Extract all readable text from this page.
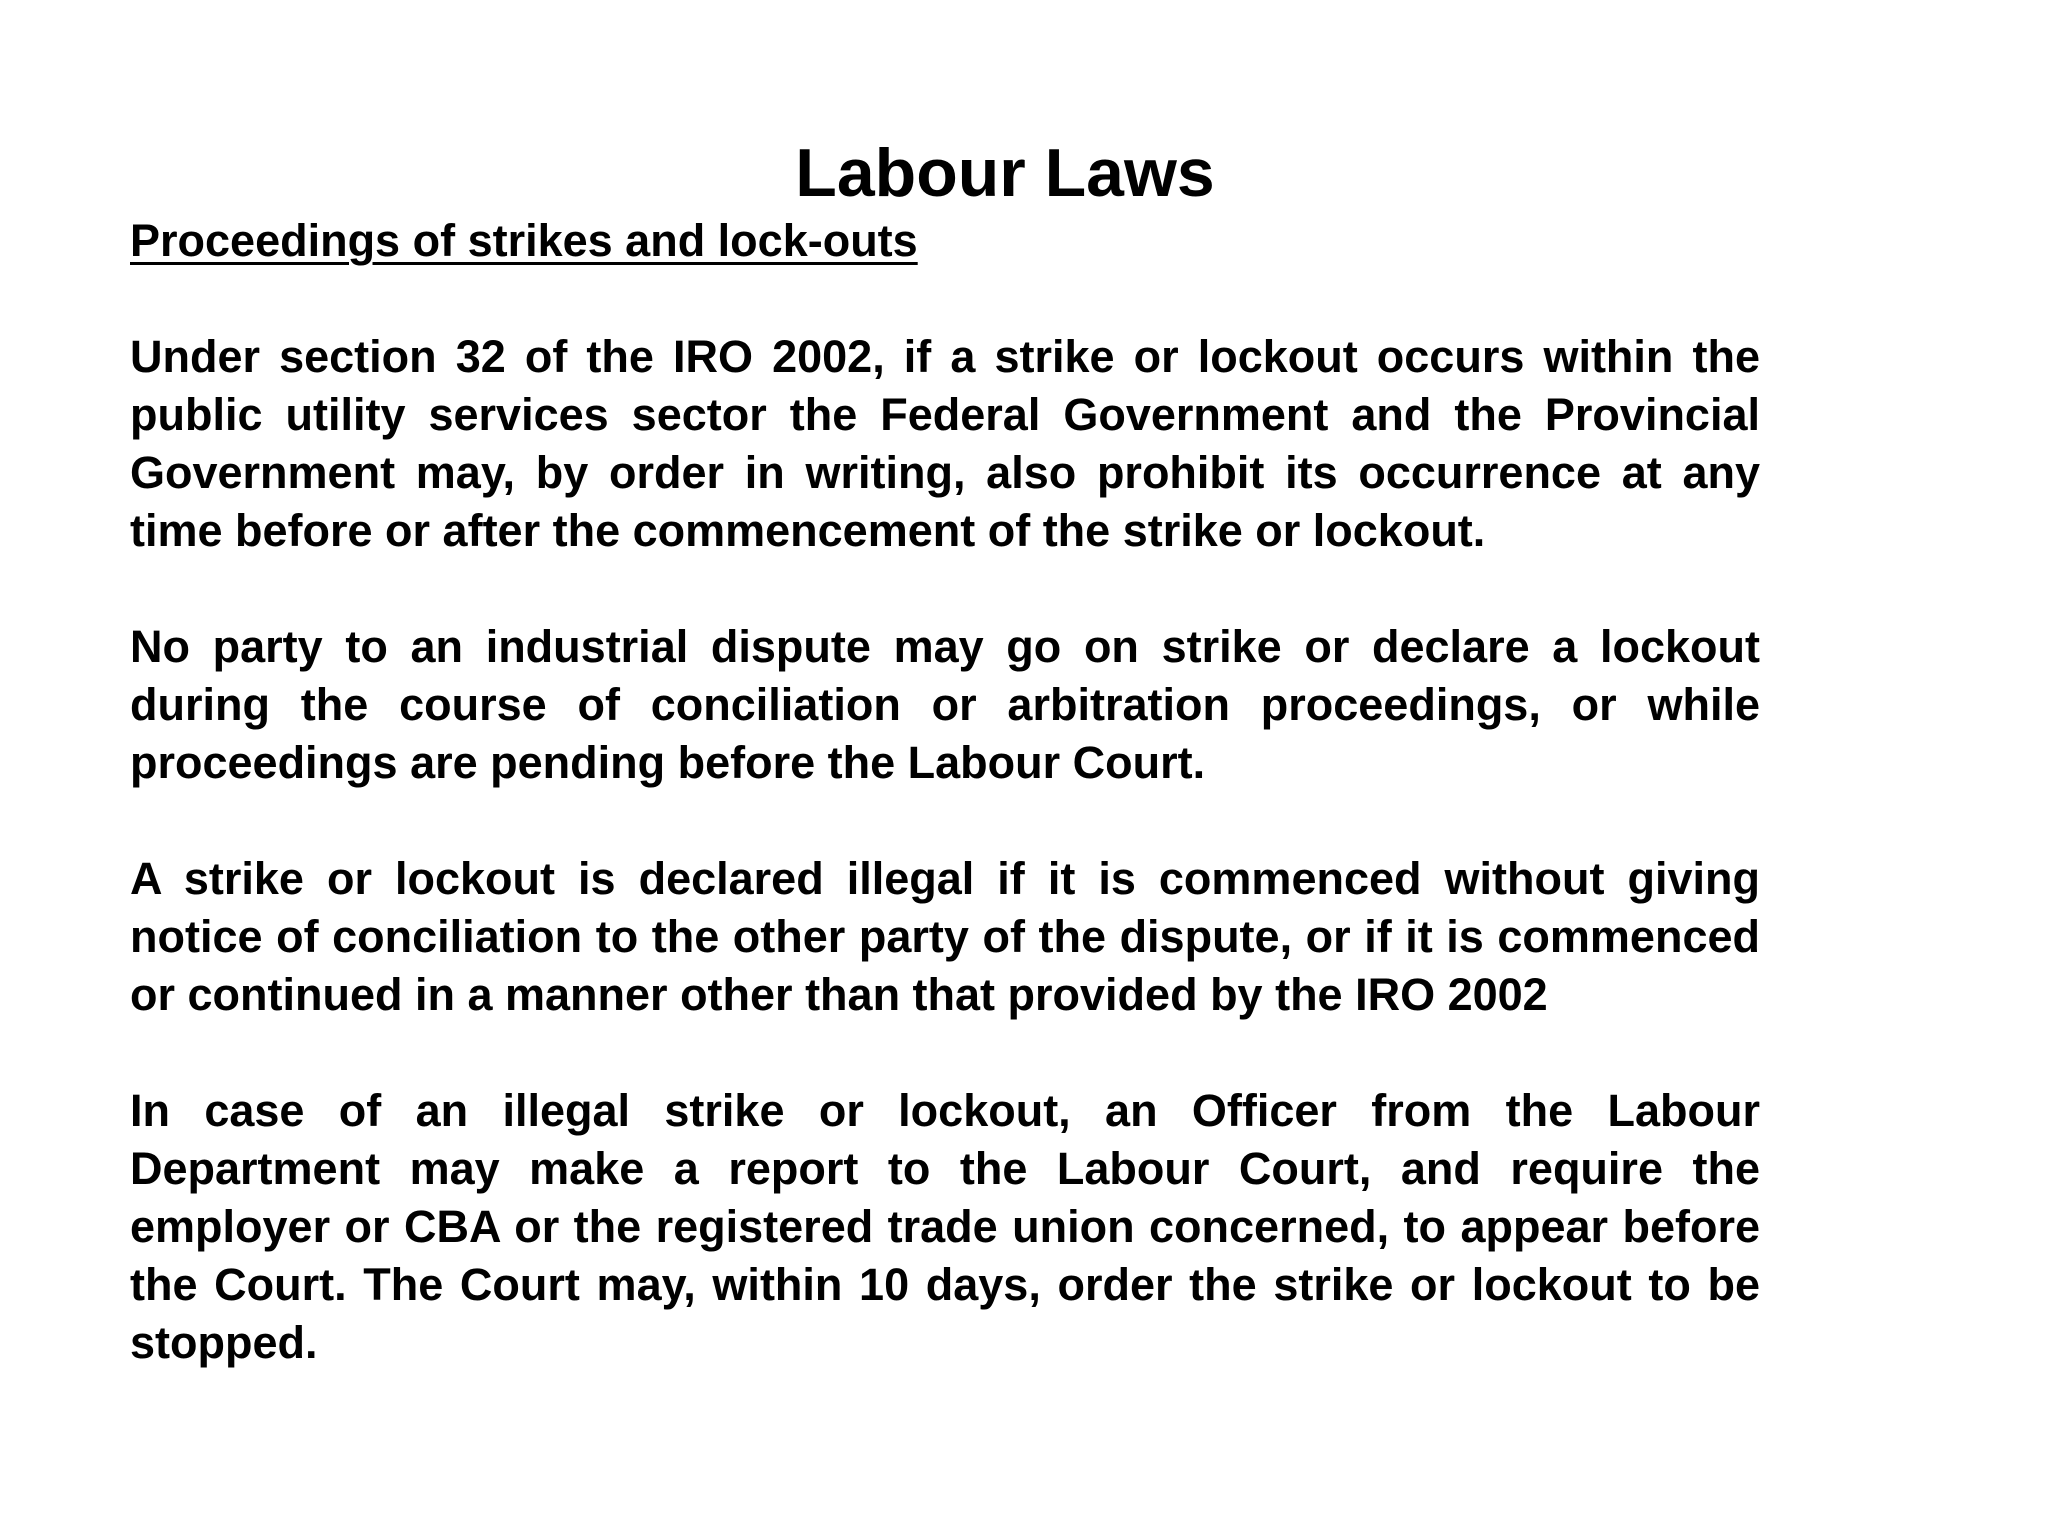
Labour Laws

Proceedings of strikes and lock-outs

Under section 32 of the IRO 2002, if a strike or lockout occurs within the public utility services sector the Federal Government and the Provincial Government may, by order in writing, also prohibit its occurrence at any time before or after the commencement of the strike or lockout.

No party to an industrial dispute may go on strike or declare a lockout during the course of conciliation or arbitration proceedings, or while proceedings are pending before the Labour Court.

A strike or lockout is declared illegal if it is commenced without giving notice of conciliation to the other party of the dispute, or if it is commenced or continued in a manner other than that provided by the IRO 2002

In case of an illegal strike or lockout, an Officer from the Labour Department may make a report to the Labour Court, and require the employer or CBA or the registered trade union concerned, to appear before the Court. The Court may, within 10 days, order the strike or lockout to be stopped.
